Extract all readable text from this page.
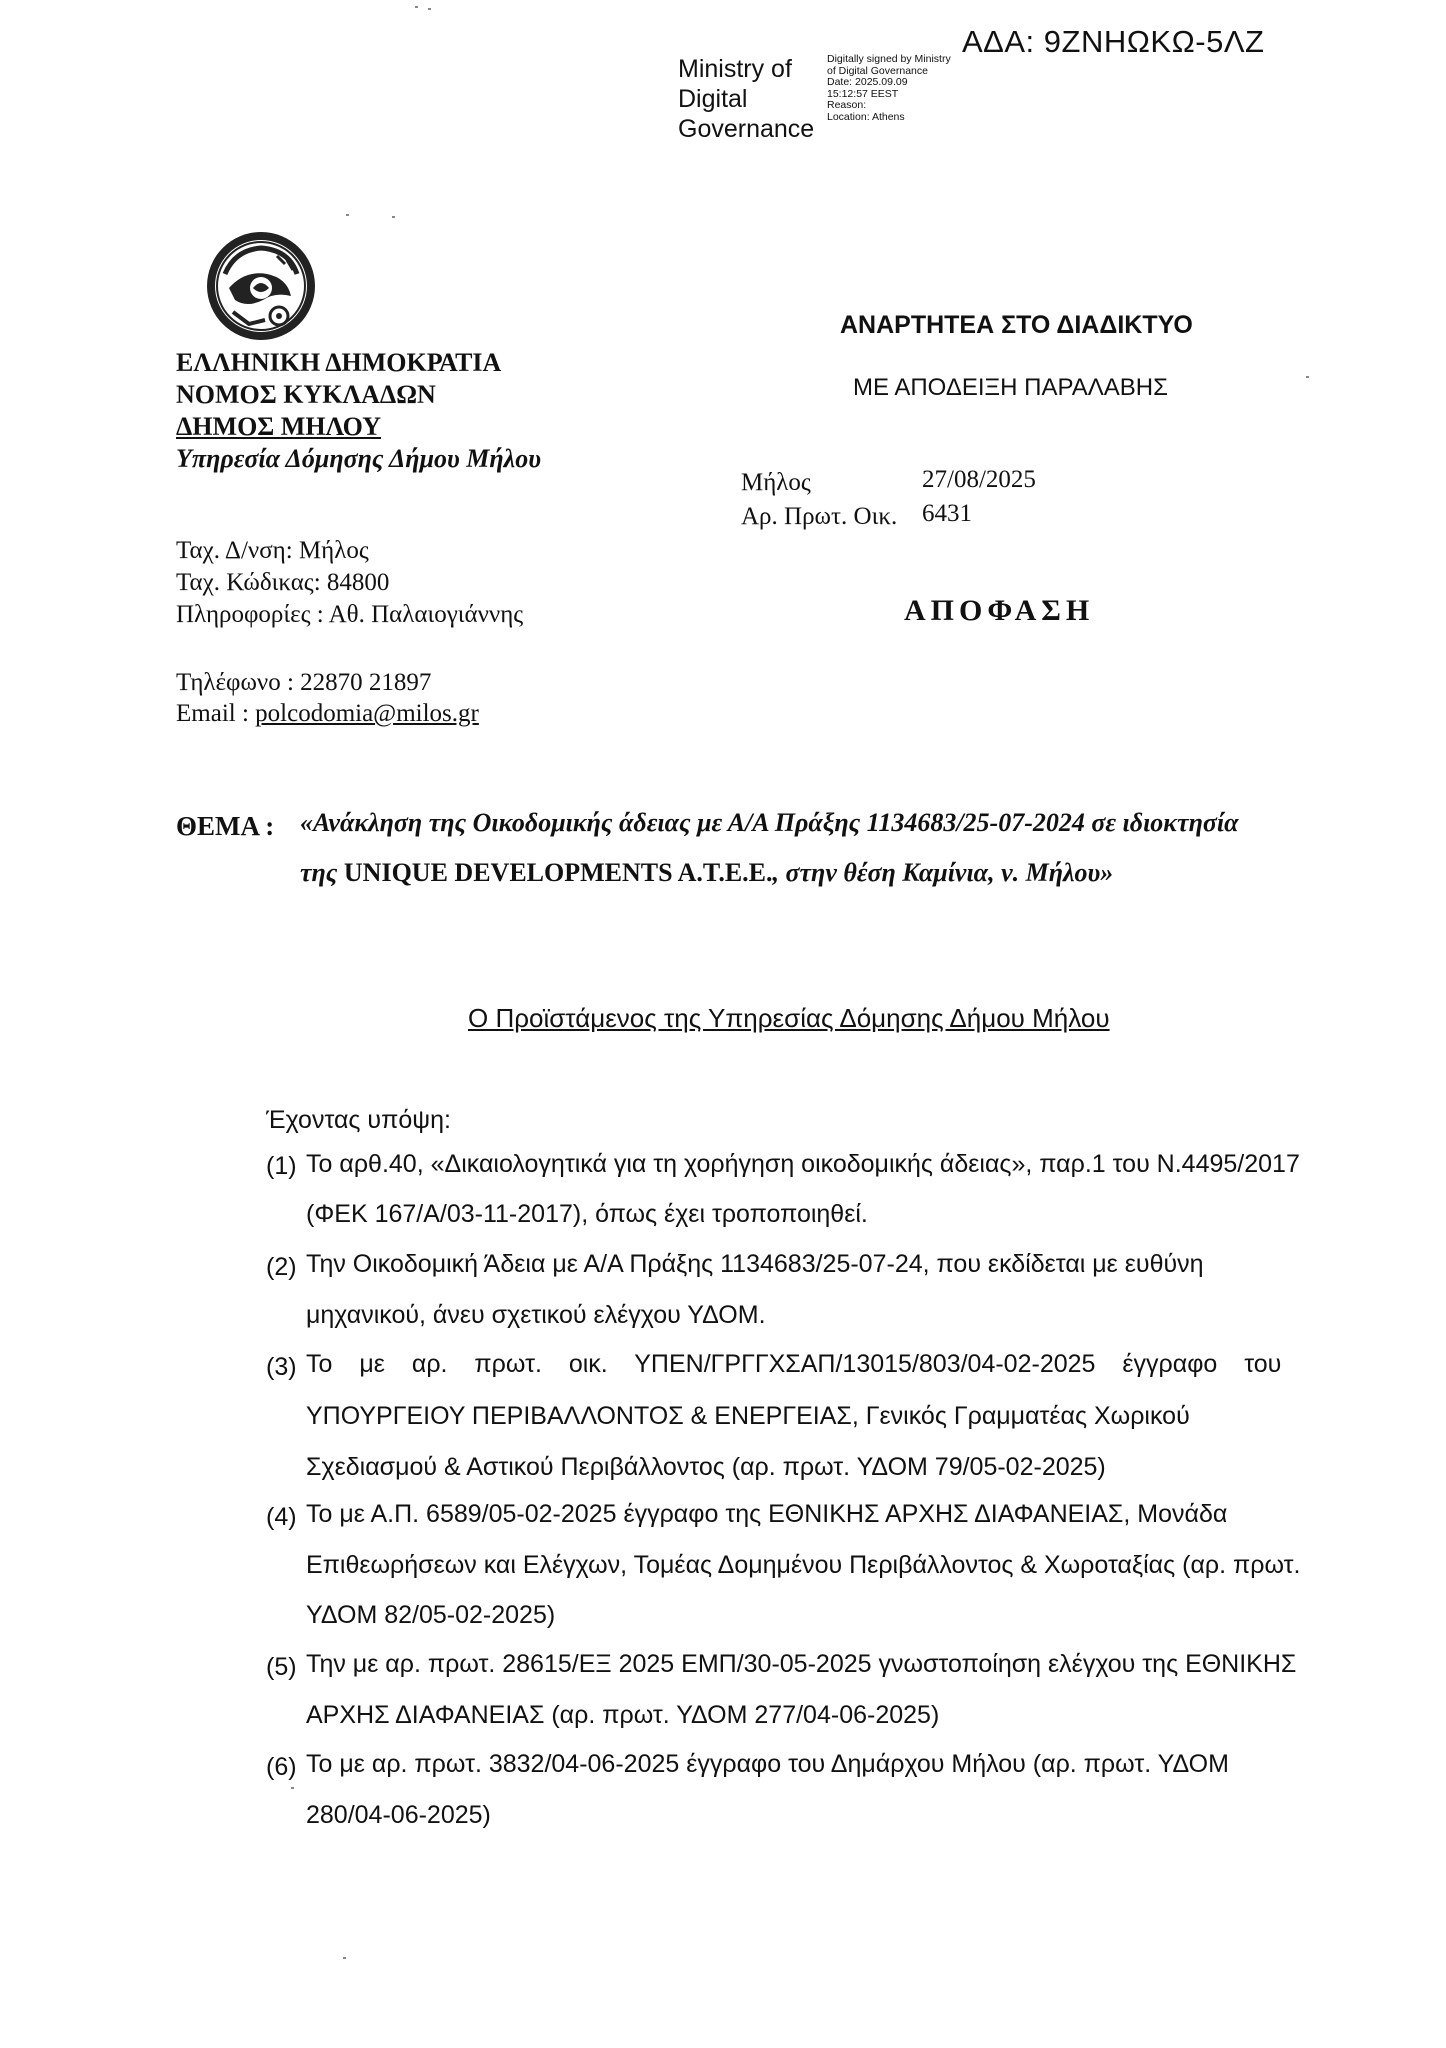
ΑΔΑ: 9ΖΝΗΩΚΩ-5ΛΖ
Ministry of
Digital
Governance
Digitally signed by Ministry
of Digital Governance
Date: 2025.09.09
15:12:57 EEST
Reason:
Location: Athens
ΕΛΛΗΝΙΚΗ ΔΗΜΟΚΡΑΤΙΑ
ΝΟΜΟΣ ΚΥΚΛΑΔΩΝ
ΔΗΜΟΣ ΜΗΛΟΥ
Υπηρεσία Δόμησης Δήμου Μήλου
Ταχ. Δ/νση: Μήλος
Ταχ. Κώδικας: 84800
Πληροφορίες : Αθ. Παλαιογιάννης
Τηλέφωνο : 22870 21897
Email : polcodomia@milos.gr
ΑΝΑΡΤΗΤΕΑ ΣΤΟ ΔΙΑΔΙΚΤΥΟ
ΜΕ ΑΠΟΔΕΙΞΗ ΠΑΡΑΛΑΒΗΣ
Μήλος	27/08/2025
Αρ. Πρωτ. Οικ. 6431
ΑΠΟΦΑΣΗ
ΘΕΜΑ : «Ανάκληση της Οικοδομικής άδειας με Α/Α Πράξης 1134683/25-07-2024 σε ιδιοκτησία
της UNIQUE DEVELOPMENTS A.T.E.E., στην θέση Καμίνια, ν. Μήλου»
Ο Προϊστάμενος της Υπηρεσίας Δόμησης Δήμου Μήλου
Έχοντας υπόψη:
(1) Το αρθ.40, «Δικαιολογητικά για τη χορήγηση οικοδομικής άδειας», παρ.1 του Ν.4495/2017
(ΦΕΚ 167/Α/03-11-2017), όπως έχει τροποποιηθεί.
(2) Την Οικοδομική Άδεια με Α/Α Πράξης 1134683/25-07-24, που εκδίδεται με ευθύνη
μηχανικού, άνευ σχετικού ελέγχου ΥΔΟΜ.
(3) Το με αρ. πρωτ. οικ. ΥΠΕΝ/ΓΡΓΓΧΣΑΠ/13015/803/04-02-2025 έγγραφο του
ΥΠΟΥΡΓΕΙΟΥ ΠΕΡΙΒΑΛΛΟΝΤΟΣ & ΕΝΕΡΓΕΙΑΣ, Γενικός Γραμματέας Χωρικού
Σχεδιασμού & Αστικού Περιβάλλοντος (αρ. πρωτ. ΥΔΟΜ 79/05-02-2025)
(4) Το με Α.Π. 6589/05-02-2025 έγγραφο της ΕΘΝΙΚΗΣ ΑΡΧΗΣ ΔΙΑΦΑΝΕΙΑΣ, Μονάδα
Επιθεωρήσεων και Ελέγχων, Τομέας Δομημένου Περιβάλλοντος & Χωροταξίας (αρ. πρωτ.
ΥΔΟΜ 82/05-02-2025)
(5) Την με αρ. πρωτ. 28615/ΕΞ 2025 ΕΜΠ/30-05-2025 γνωστοποίηση ελέγχου της ΕΘΝΙΚΗΣ
ΑΡΧΗΣ ΔΙΑΦΑΝΕΙΑΣ (αρ. πρωτ. ΥΔΟΜ 277/04-06-2025)
(6) Το με αρ. πρωτ. 3832/04-06-2025 έγγραφο του Δημάρχου Μήλου (αρ. πρωτ. ΥΔΟΜ
280/04-06-2025)
